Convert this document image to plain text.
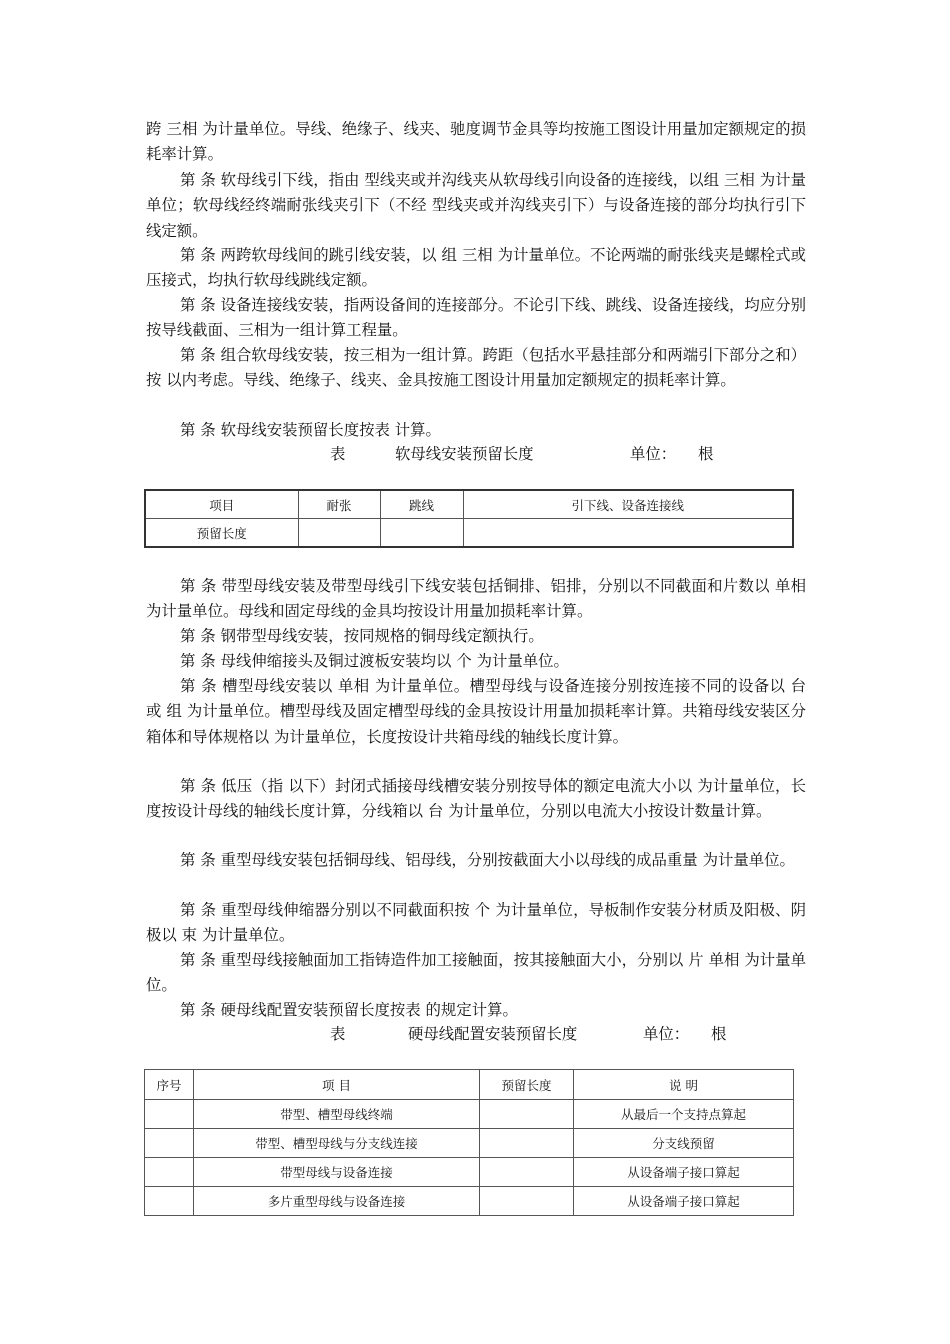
跨 三相 为计量单位。导线、绝缘子、线夹、驰度调节金具等均按施工图设计用量加定额规定的损耗率计算。

第 条 软母线引下线，指由 型线夹或并沟线夹从软母线引向设备的连接线，以组 三相 为计量单位；软母线经终端耐张线夹引下（不经 型线夹或并沟线夹引下）与设备连接的部分均执行引下线定额。

第 条 两跨软母线间的跳引线安装，以 组 三相 为计量单位。不论两端的耐张线夹是螺栓式或压接式，均执行软母线跳线定额。

第 条 设备连接线安装，指两设备间的连接部分。不论引下线、跳线、设备连接线，均应分别按导线截面、三相为一组计算工程量。

第 条 组合软母线安装，按三相为一组计算。跨距（包括水平悬挂部分和两端引下部分之和）按 以内考虑。导线、绝缘子、线夹、金具按施工图设计用量加定额规定的损耗率计算。

第 条 软母线安装预留长度按表 计算。

表	软母线安装预留长度	单位： 根
项目	耐张	跳线	引下线、设备连接线
预留长度			

第 条 带型母线安装及带型母线引下线安装包括铜排、铝排，分别以不同截面和片数以 单相 为计量单位。母线和固定母线的金具均按设计用量加损耗率计算。

第 条 钢带型母线安装，按同规格的铜母线定额执行。

第 条 母线伸缩接头及铜过渡板安装均以 个 为计量单位。

第 条 槽型母线安装以 单相 为计量单位。槽型母线与设备连接分别按连接不同的设备以 台 或 组 为计量单位。槽型母线及固定槽型母线的金具按设计用量加损耗率计算。共箱母线安装区分箱体和导体规格以 为计量单位，长度按设计共箱母线的轴线长度计算。

第 条 低压（指 以下）封闭式插接母线槽安装分别按导体的额定电流大小以 为计量单位，长度按设计母线的轴线长度计算，分线箱以 台 为计量单位，分别以电流大小按设计数量计算。

第 条 重型母线安装包括铜母线、铝母线，分别按截面大小以母线的成品重量 为计量单位。

第 条 重型母线伸缩器分别以不同截面积按 个 为计量单位，导板制作安装分材质及阳极、阴极以 束 为计量单位。

第 条 重型母线接触面加工指铸造件加工接触面，按其接触面大小，分别以 片 单相 为计量单位。

第 条 硬母线配置安装预留长度按表 的规定计算。

表	硬母线配置安装预留长度	单位： 根
序号	项 目	预留长度	说 明
	带型、槽型母线终端		从最后一个支持点算起
	带型、槽型母线与分支线连接		分支线预留
	带型母线与设备连接		从设备端子接口算起
	多片重型母线与设备连接		从设备端子接口算起
